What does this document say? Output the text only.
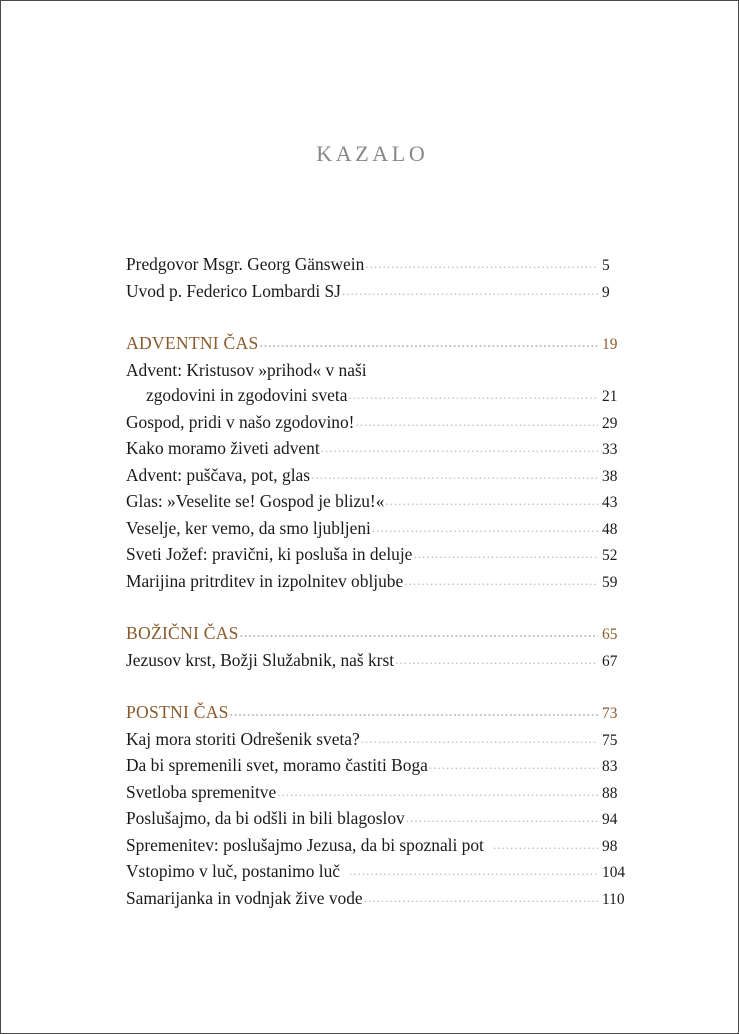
KAZALO
Predgovor Msgr. Georg Gänswein . . .	5
Uvod p. Federico Lombardi SJ . . .	9
ADVENTNI ČAS . . .	19
Advent: Kristusov »prihod« v naši
zgodovini in zgodovini sveta . . .	21
Gospod, pridi v našo zgodovino! . . .	29
Kako moramo živeti advent . . .	33
Advent: puščava, pot, glas . . .	38
Glas: »Veselite se! Gospod je blizu!« . . .	43
Veselje, ker vemo, da smo ljubljeni . . .	48
Sveti Jožef: pravični, ki posluša in deluje . . .	52
Marijina pritrditev in izpolnitev obljube . . .	59
BOŽIČNI ČAS . . .	65
Jezusov krst, Božji Služabnik, naš krst . . .	67
POSTNI ČAS . . .	73
Kaj mora storiti Odrešenik sveta? . . .	75
Da bi spremenili svet, moramo častiti Boga . . .	83
Svetloba spremenitve . . .	88
Poslušajmo, da bi odšli in bili blagoslov . . .	94
Spremenitev: poslušajmo Jezusa, da bi spoznali pot . . .	98
Vstopimo v luč, postanimo luč . . .	104
Samarijanka in vodnjak žive vode . . .	110
